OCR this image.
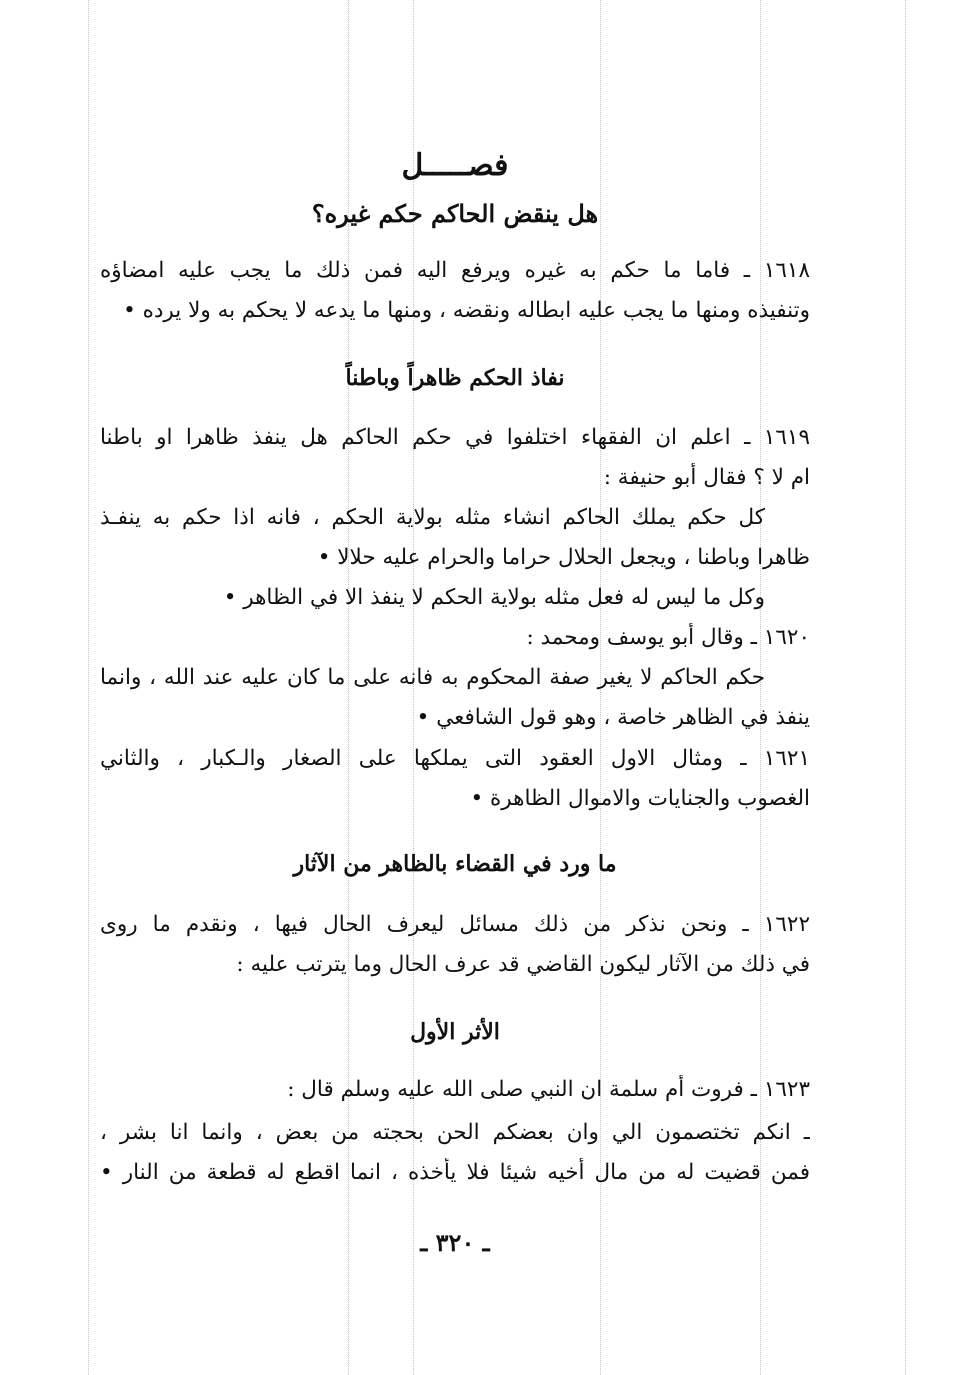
فصـــــل
هل ينقض الحاكم حكم غيره؟
١٦١٨ ـ فاما ما حكم به غيره ويرفع اليه فمن ذلك ما يجب عليه امضاؤه
وتنفيذه ومنها ما يجب عليه ابطاله ونقضه ، ومنها ما يدعه لا يحكم به ولا يرده •
نفاذ الحكم ظاهراً وباطناً
١٦١٩ ـ اعلم ان الفقهاء اختلفوا في حكم الحاكم هل ينفذ ظاهرا او باطنا
ام لا ؟ فقال أبو حنيفة :
كل حكم يملك الحاكم انشاء مثله بولاية الحكم ، فانه اذا حكم به ينفـذ
ظاهرا وباطنا ، ويجعل الحلال حراما والحرام عليه حلالا •
وكل ما ليس له فعل مثله بولاية الحكم لا ينفذ الا في الظاهر •
١٦٢٠ ـ وقال أبو يوسف ومحمد :
حكم الحاكم لا يغير صفة المحكوم به فانه على ما كان عليه عند الله ، وانما
ينفذ في الظاهر خاصة ، وهو قول الشافعي •
١٦٢١ ـ ومثال الاول العقود التى يملكها على الصغار والـكبار ، والثاني
الغصوب والجنايات والاموال الظاهرة •
ما ورد في القضاء بالظاهر من الآثار
١٦٢٢ ـ ونحن نذكر من ذلك مسائل ليعرف الحال فيها ، ونقدم ما روى
في ذلك من الآثار ليكون القاضي قد عرف الحال وما يترتب عليه :
الأثر الأول
١٦٢٣ ـ فروت أم سلمة ان النبي صلى الله عليه وسلم قال :
ـ انكم تختصمون الي وان بعضكم الحن بحجته من بعض ، وانما انا بشر ،
فمن قضيت له من مال أخيه شيئا فلا يأخذه ، انما اقطع له قطعة من النار •
ـ ٣٢٠ ـ
